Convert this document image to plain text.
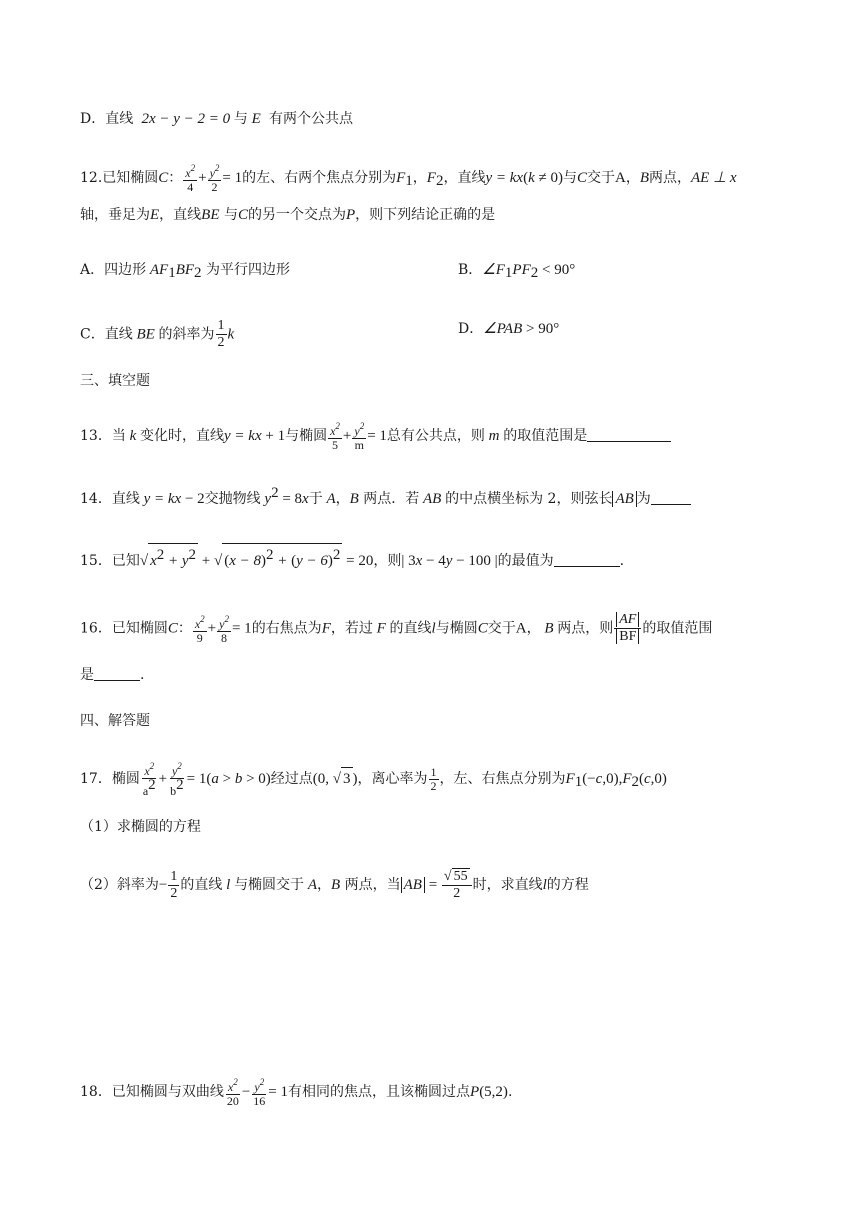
D．直线  2x − y − 2 = 0 与 E  有两个公共点
12.已知椭圆C： $\frac{x^2}{4} + \frac{y^2}{2} = 1$的左、右两个焦点分别为$F_1$，$F_2$，直线y = kx(k ≠ 0)与C交于A，B两点，AE ⊥ x
轴，垂足为E，直线BE 与C的另一个交点为P，则下列结论正确的是
A．四边形 $AF_1BF_2$ 为平行四边形	B．$\angle F_1PF_2 < 90^\circ$
C．直线 BE 的斜率为 $\frac{1}{2}$ k	D．∠PAB > 90°
三、填空题
13．当 k 变化时，直线y = kx + 1与椭圆 $\frac{x^2}{5} + \frac{y^2}{m} = 1$总有公共点，则 m 的取值范围是
14．直线 y = kx − 2交抛物线 $y^2 = 8x$于 A，B 两点．若 AB 的中点横坐标为 2，则弦长 AB 为
15．已知√ $x^2 + y^2$ + √ $(x - 8)^2 + (y - 6)^2 = 20$，则| 3x − 4y − 100 |的最值为	.
16．已知椭圆C： $\frac{x^2}{9} + \frac{y^2}{8} = 1$的右焦点为F，若过 F 的直线l与椭圆C交于A， B 两点，则 $\frac{AF}{BF}$ 的取值范围
是	.
四、解答题
17．椭圆 $\frac{x^2}{a^2} + \frac{y^2}{b^2} = 1(a > b > 0)$经过点(0, √ 3 )，离心率为 $\frac{1}{2}$ ，左、右焦点分别为$F_1(-c,0),F_2(c,0)$
（1）求椭圆的方程
（2）斜率为− $\frac{1}{2}$ 的直线 l 与椭圆交于 A，B 两点，当 AB = $\frac{√ 55}{2}$ 时，求直线l的方程
18．已知椭圆与双曲线 $\frac{x^2}{20} - \frac{y^2}{16} = 1$有相同的焦点，且该椭圆过点P(5,2).
